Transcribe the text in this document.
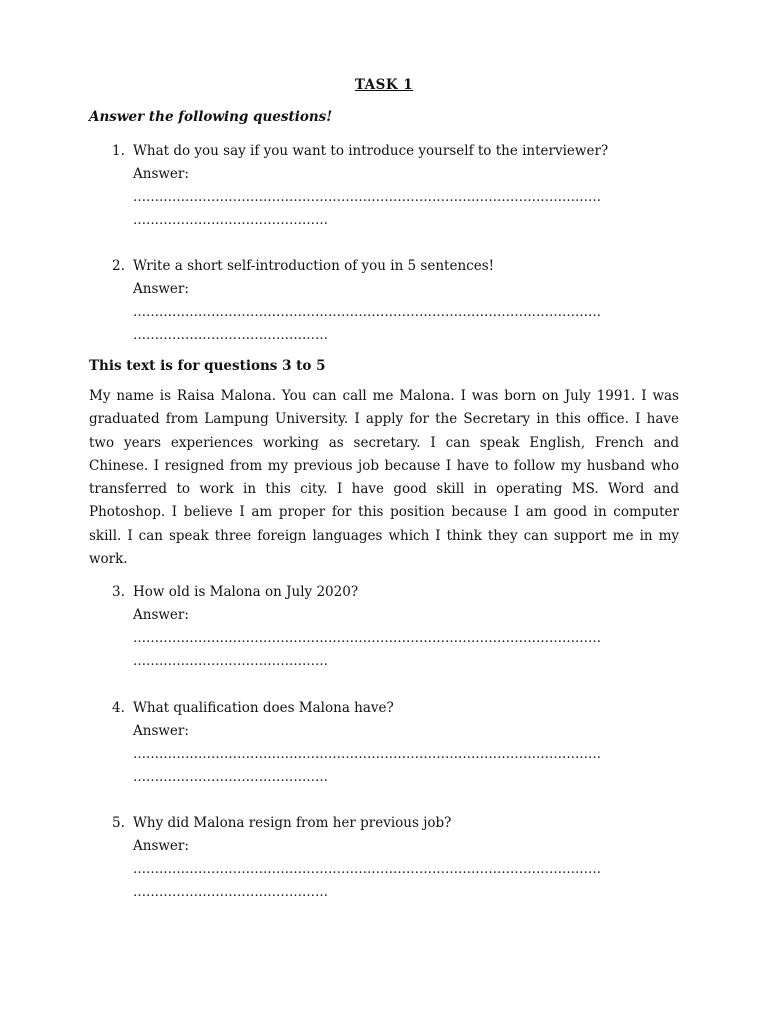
TASK 1
Answer the following questions!
1. What do you say if you want to introduce yourself to the interviewer?
Answer:
………………………………………………………………………………………………
………………………………………
2. Write a short self-introduction of you in 5 sentences!
Answer:
………………………………………………………………………………………………
………………………………………
This text is for questions 3 to 5
My name is Raisa Malona. You can call me Malona. I was born on July 1991. I was graduated from Lampung University. I apply for the Secretary in this office. I have two years experiences working as secretary. I can speak English, French and Chinese. I resigned from my previous job because I have to follow my husband who transferred to work in this city. I have good skill in operating MS. Word and Photoshop. I believe I am proper for this position because I am good in computer skill. I can speak three foreign languages which I think they can support me in my work.
3. How old is Malona on July 2020?
Answer:
………………………………………………………………………………………………
………………………………………
4. What qualification does Malona have?
Answer:
………………………………………………………………………………………………
………………………………………
5. Why did Malona resign from her previous job?
Answer:
………………………………………………………………………………………………
………………………………………
